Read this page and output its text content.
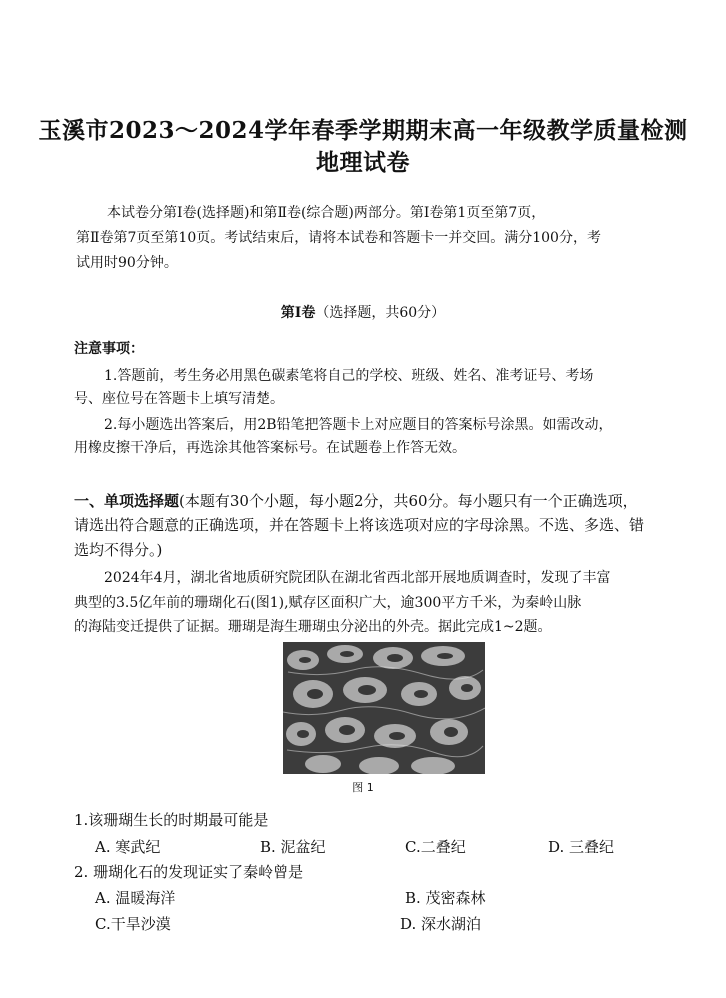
玉溪市2023～2024学年春季学期期末高一年级教学质量检测
地理试卷
本试卷分第Ⅰ卷(选择题)和第Ⅱ卷(综合题)两部分。第Ⅰ卷第1页至第7页，
第Ⅱ卷第7页至第10页。考试结束后，请将本试卷和答题卡一并交回。满分100分，考
试用时90分钟。
第Ⅰ卷（选择题，共60分）
注意事项：
1.答题前，考生务必用黑色碳素笔将自己的学校、班级、姓名、准考证号、考场
号、座位号在答题卡上填写清楚。
2.每小题选出答案后，用2B铅笔把答题卡上对应题目的答案标号涂黑。如需改动，
用橡皮擦干净后，再选涂其他答案标号。在试题卷上作答无效。
一、单项选择题(本题有30个小题，每小题2分，共60分。每小题只有一个正确选项，
请选出符合题意的正确选项，并在答题卡上将该选项对应的字母涂黑。不选、多选、错
选均不得分。)
2024年4月，湖北省地质研究院团队在湖北省西北部开展地质调查时，发现了丰富
典型的3.5亿年前的珊瑚化石(图1),赋存区面积广大，逾300平方千米，为秦岭山脉
的海陆变迁提供了证据。珊瑚是海生珊瑚虫分泌出的外壳。据此完成1~2题。
图 1
1.该珊瑚生长的时期最可能是
A. 寒武纪	B. 泥盆纪	C.二叠纪	D. 三叠纪
2. 珊瑚化石的发现证实了秦岭曾是
A. 温暖海洋	B. 茂密森林
C.干旱沙漠	D. 深水湖泊
